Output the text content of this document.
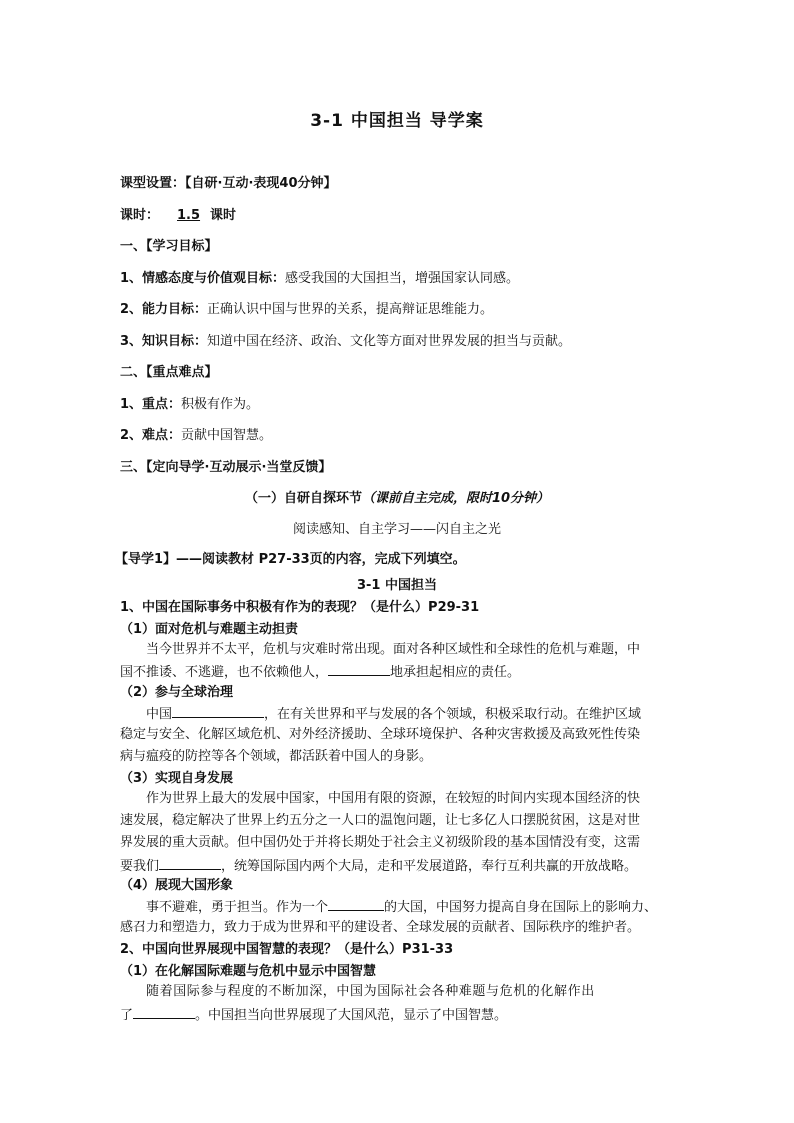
3-1 中国担当 导学案
课型设置：【自研·互动·表现40分钟】
课时： 1.5 课时
一、【学习目标】
1、情感态度与价值观目标：感受我国的大国担当，增强国家认同感。
2、能力目标：正确认识中国与世界的关系，提高辩证思维能力。
3、知识目标：知道中国在经济、政治、文化等方面对世界发展的担当与贡献。
二、【重点难点】
1、重点：积极有作为。
2、难点：贡献中国智慧。
三、【定向导学·互动展示·当堂反馈】
（一）自研自探环节（课前自主完成，限时10分钟）
阅读感知、自主学习——闪自主之光
【导学1】——阅读教材 P27-33页的内容，完成下列填空。
3-1 中国担当
1、中国在国际事务中积极有作为的表现？（是什么）P29-31
（1）面对危机与难题主动担责
当今世界并不太平，危机与灾难时常出现。面对各种区域性和全球性的危机与难题，中
国不推诿、不逃避，也不依赖他人，	地承担起相应的责任。
（2）参与全球治理
中国	，在有关世界和平与发展的各个领域，积极采取行动。在维护区域
稳定与安全、化解区域危机、对外经济援助、全球环境保护、各种灾害救援及高致死性传染
病与瘟疫的防控等各个领域，都活跃着中国人的身影。
（3）实现自身发展
作为世界上最大的发展中国家，中国用有限的资源，在较短的时间内实现本国经济的快
速发展，稳定解决了世界上约五分之一人口的温饱问题，让七多亿人口摆脱贫困，这是对世
界发展的重大贡献。但中国仍处于并将长期处于社会主义初级阶段的基本国情没有变，这需
要我们	，统筹国际国内两个大局，走和平发展道路，奉行互利共赢的开放战略。
（4）展现大国形象
事不避难，勇于担当。作为一个	的大国，中国努力提高自身在国际上的影响力、
感召力和塑造力，致力于成为世界和平的建设者、全球发展的贡献者、国际秩序的维护者。
2、中国向世界展现中国智慧的表现？（是什么）P31-33
（1）在化解国际难题与危机中显示中国智慧
随着国际参与程度的不断加深，中国为国际社会各种难题与危机的化解作出
了	。中国担当向世界展现了大国风范，显示了中国智慧。
